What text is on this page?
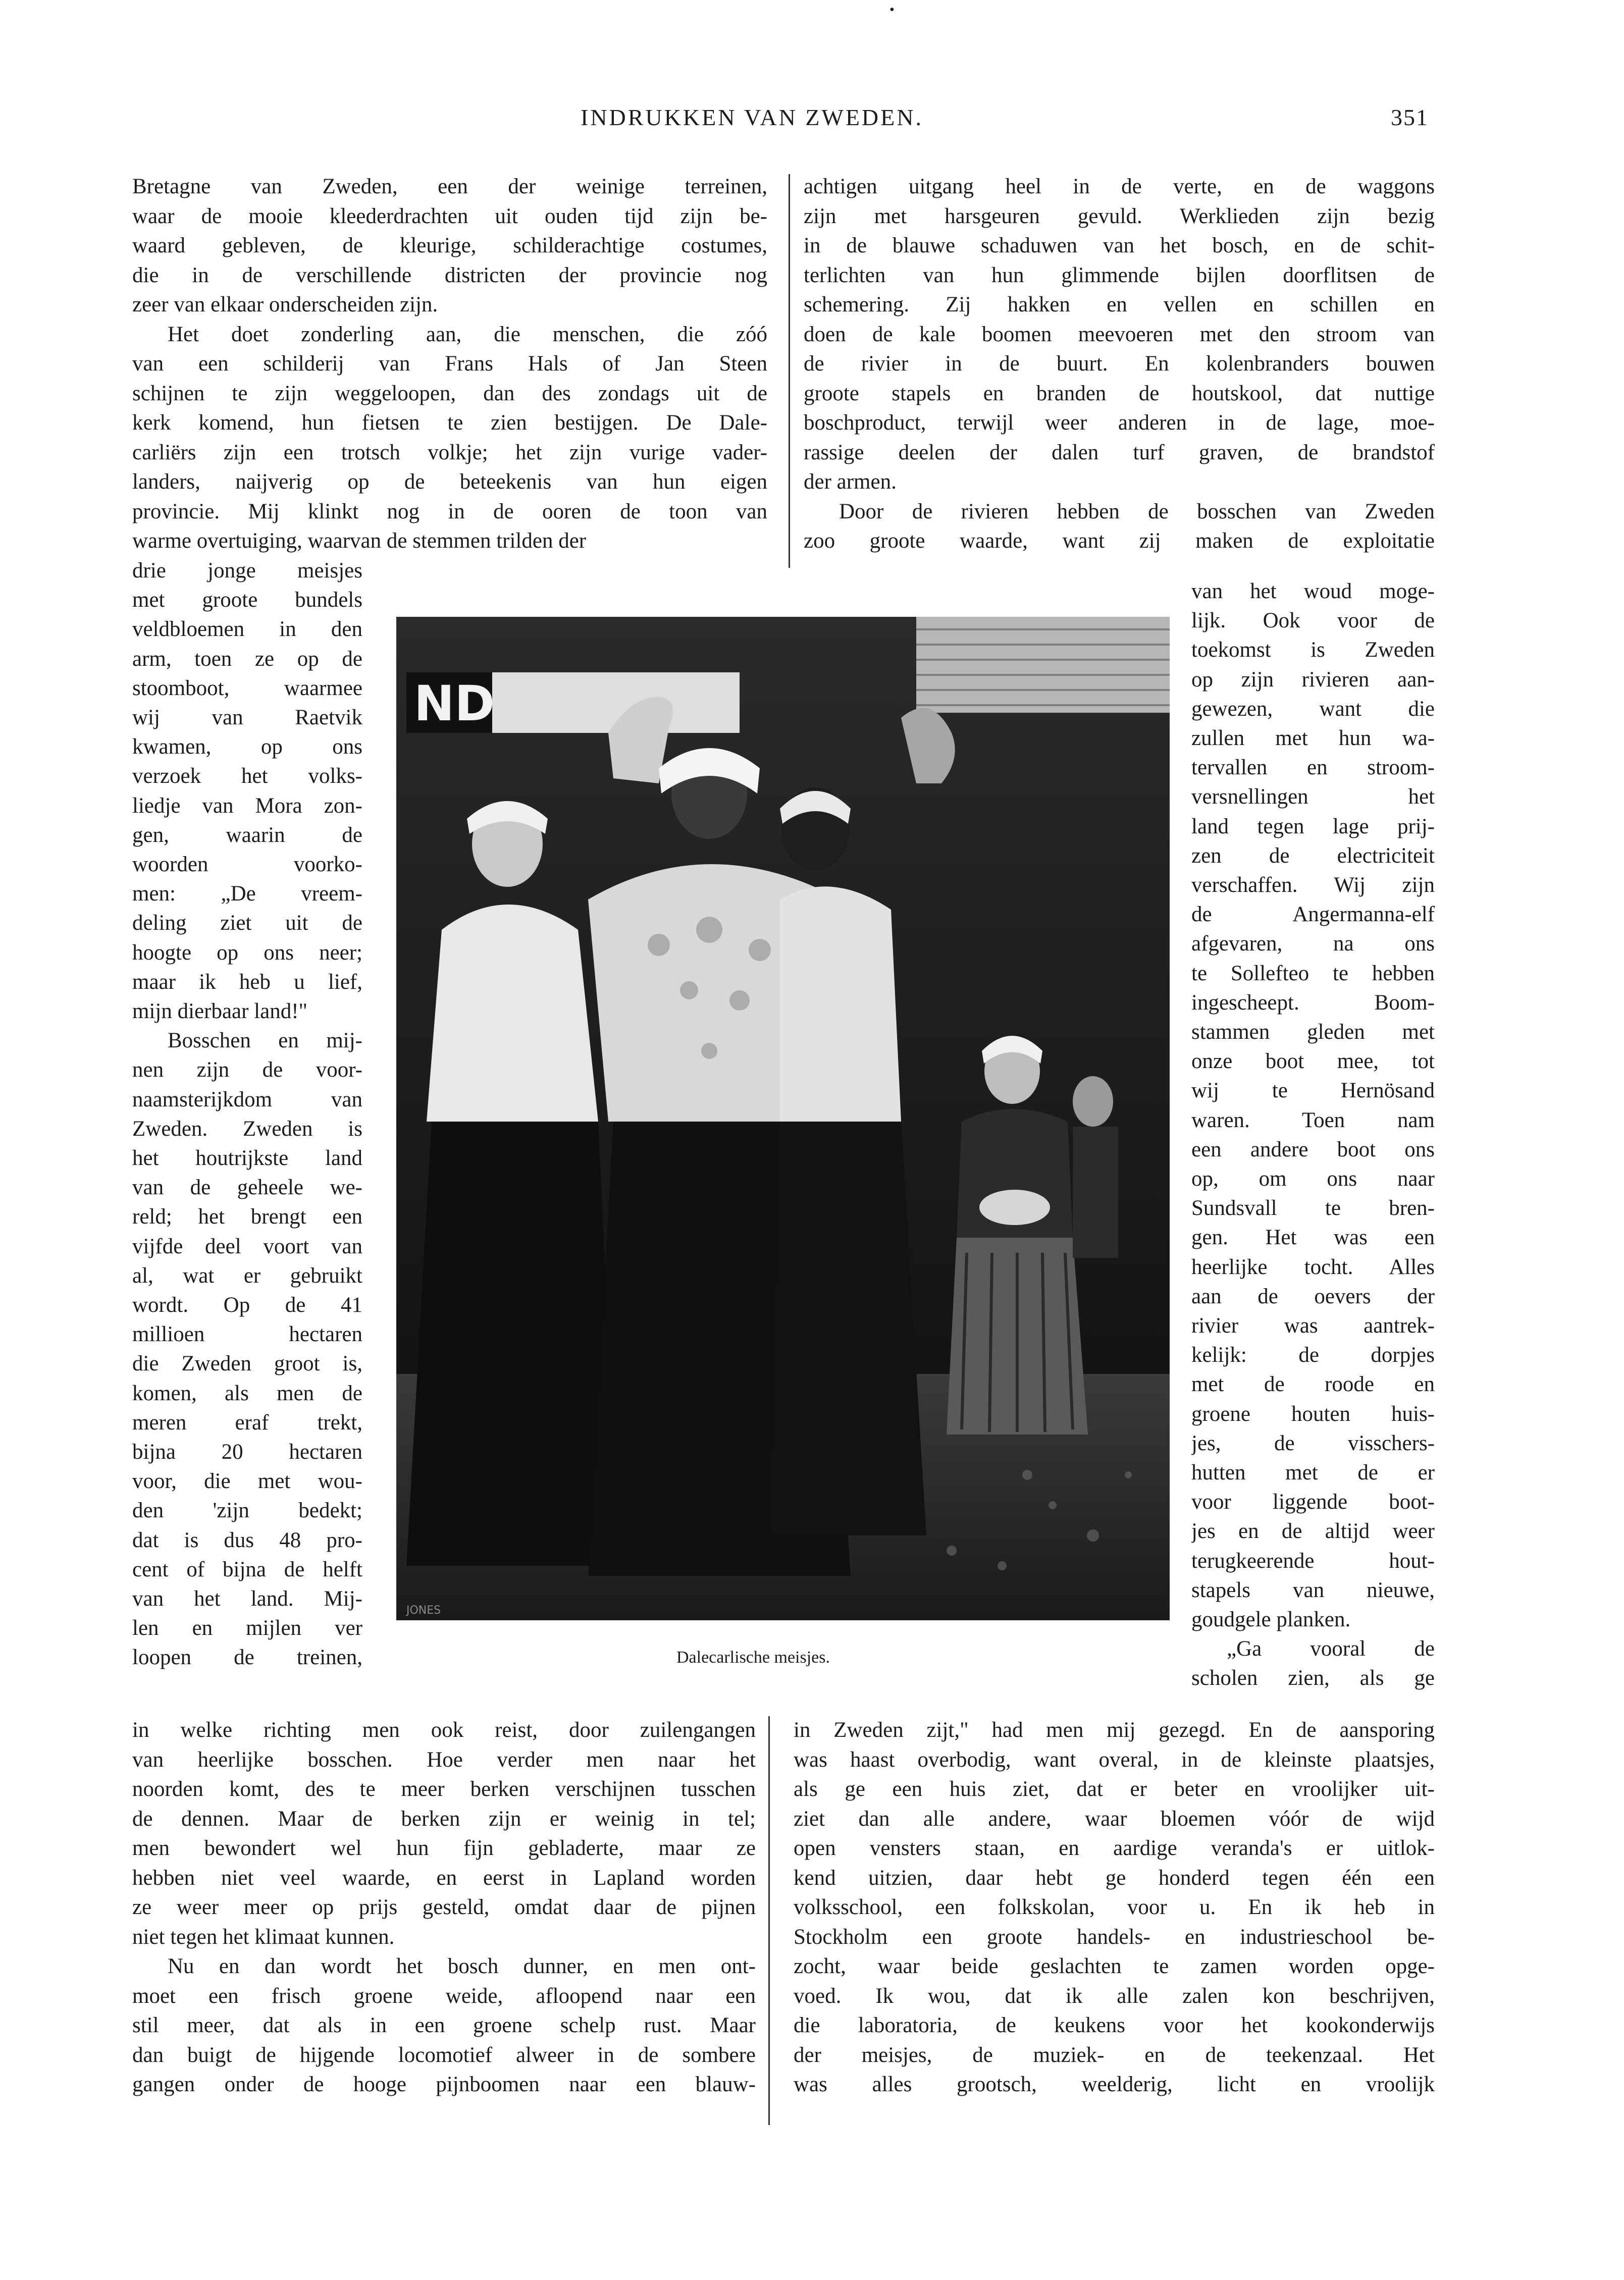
•
INDRUKKEN VAN ZWEDEN.	351
Bretagne van Zweden, een der weinige terreinen,
waar de mooie kleederdrachten uit ouden tijd zijn be-
waard gebleven, de kleurige, schilderachtige costumes,
die in de verschillende districten der provincie nog
zeer van elkaar onderscheiden zijn.
Het doet zonderling aan, die menschen, die zóó
van een schilderij van Frans Hals of Jan Steen
schijnen te zijn weggeloopen, dan des zondags uit de
kerk komend, hun fietsen te zien bestijgen. De Dale-
carliërs zijn een trotsch volkje; het zijn vurige vader-
landers, naijverig op de beteekenis van hun eigen
provincie. Mij klinkt nog in de ooren de toon van
warme overtuiging, waarvan de stemmen trilden der
drie jonge meisjes
met groote bundels
veldbloemen in den
arm, toen ze op de
stoomboot, waarmee
wij van Raetvik
kwamen, op ons
verzoek het volks-
liedje van Mora zon-
gen, waarin de
woorden voorko-
men: „De vreem-
deling ziet uit de
hoogte op ons neer;
maar ik heb u lief,
mijn dierbaar land!"
Bosschen en mij-
nen zijn de voor-
naamsterijkdom van
Zweden. Zweden is
het houtrijkste land
van de geheele we-
reld; het brengt een
vijfde deel voort van
al, wat er gebruikt
wordt. Op de 41
millioen hectaren
die Zweden groot is,
komen, als men de
meren eraf trekt,
bijna 20 hectaren
voor, die met wou-
den 'zijn bedekt;
dat is dus 48 pro-
cent of bijna de helft
van het land. Mij-
len en mijlen ver
loopen de treinen,
in welke richting men ook reist, door zuilengangen
van heerlijke bosschen. Hoe verder men naar het
noorden komt, des te meer berken verschijnen tusschen
de dennen. Maar de berken zijn er weinig in tel;
men bewondert wel hun fijn gebladerte, maar ze
hebben niet veel waarde, en eerst in Lapland worden
ze weer meer op prijs gesteld, omdat daar de pijnen
niet tegen het klimaat kunnen.
Nu en dan wordt het bosch dunner, en men ont-
moet een frisch groene weide, afloopend naar een
stil meer, dat als in een groene schelp rust. Maar
dan buigt de hijgende locomotief alweer in de sombere
gangen onder de hooge pijnboomen naar een blauw-
achtigen uitgang heel in de verte, en de waggons
zijn met harsgeuren gevuld. Werklieden zijn bezig
in de blauwe schaduwen van het bosch, en de schit-
terlichten van hun glimmende bijlen doorflitsen de
schemering. Zij hakken en vellen en schillen en
doen de kale boomen meevoeren met den stroom van
de rivier in de buurt. En kolenbranders bouwen
groote stapels en branden de houtskool, dat nuttige
boschproduct, terwijl weer anderen in de lage, moe-
rassige deelen der dalen turf graven, de brandstof
der armen.
Door de rivieren hebben de bosschen van Zweden
zoo groote waarde, want zij maken de exploitatie
van het woud moge-
lijk. Ook voor de
toekomst is Zweden
op zijn rivieren aan-
gewezen, want die
zullen met hun wa-
tervallen en stroom-
versnellingen het
land tegen lage prij-
zen de electriciteit
verschaffen. Wij zijn
de Angermanna-elf
afgevaren, na ons
te Sollefteo te hebben
ingescheept. Boom-
stammen gleden met
onze boot mee, tot
wij te Hernösand
waren. Toen nam
een andere boot ons
op, om ons naar
Sundsvall te bren-
gen. Het was een
heerlijke tocht. Alles
aan de oevers der
rivier was aantrek-
kelijk: de dorpjes
met de roode en
groene houten huis-
jes, de visschers-
hutten met de er
voor liggende boot-
jes en de altijd weer
terugkeerende hout-
stapels van nieuwe,
goudgele planken.
„Ga vooral de
scholen zien, als ge
in Zweden zijt," had men mij gezegd. En de aansporing
was haast overbodig, want overal, in de kleinste plaatsjes,
als ge een huis ziet, dat er beter en vroolijker uit-
ziet dan alle andere, waar bloemen vóór de wijd
open vensters staan, en aardige veranda's er uitlok-
kend uitzien, daar hebt ge honderd tegen één een
volksschool, een folkskolan, voor u. En ik heb in
Stockholm een groote handels- en industrieschool be-
zocht, waar beide geslachten te zamen worden opge-
voed. Ik wou, dat ik alle zalen kon beschrijven,
die laboratoria, de keukens voor het kookonderwijs
der meisjes, de muziek- en de teekenzaal. Het
was alles grootsch, weelderig, licht en vroolijk
ND
JONES
Dalecarlische meisjes.
